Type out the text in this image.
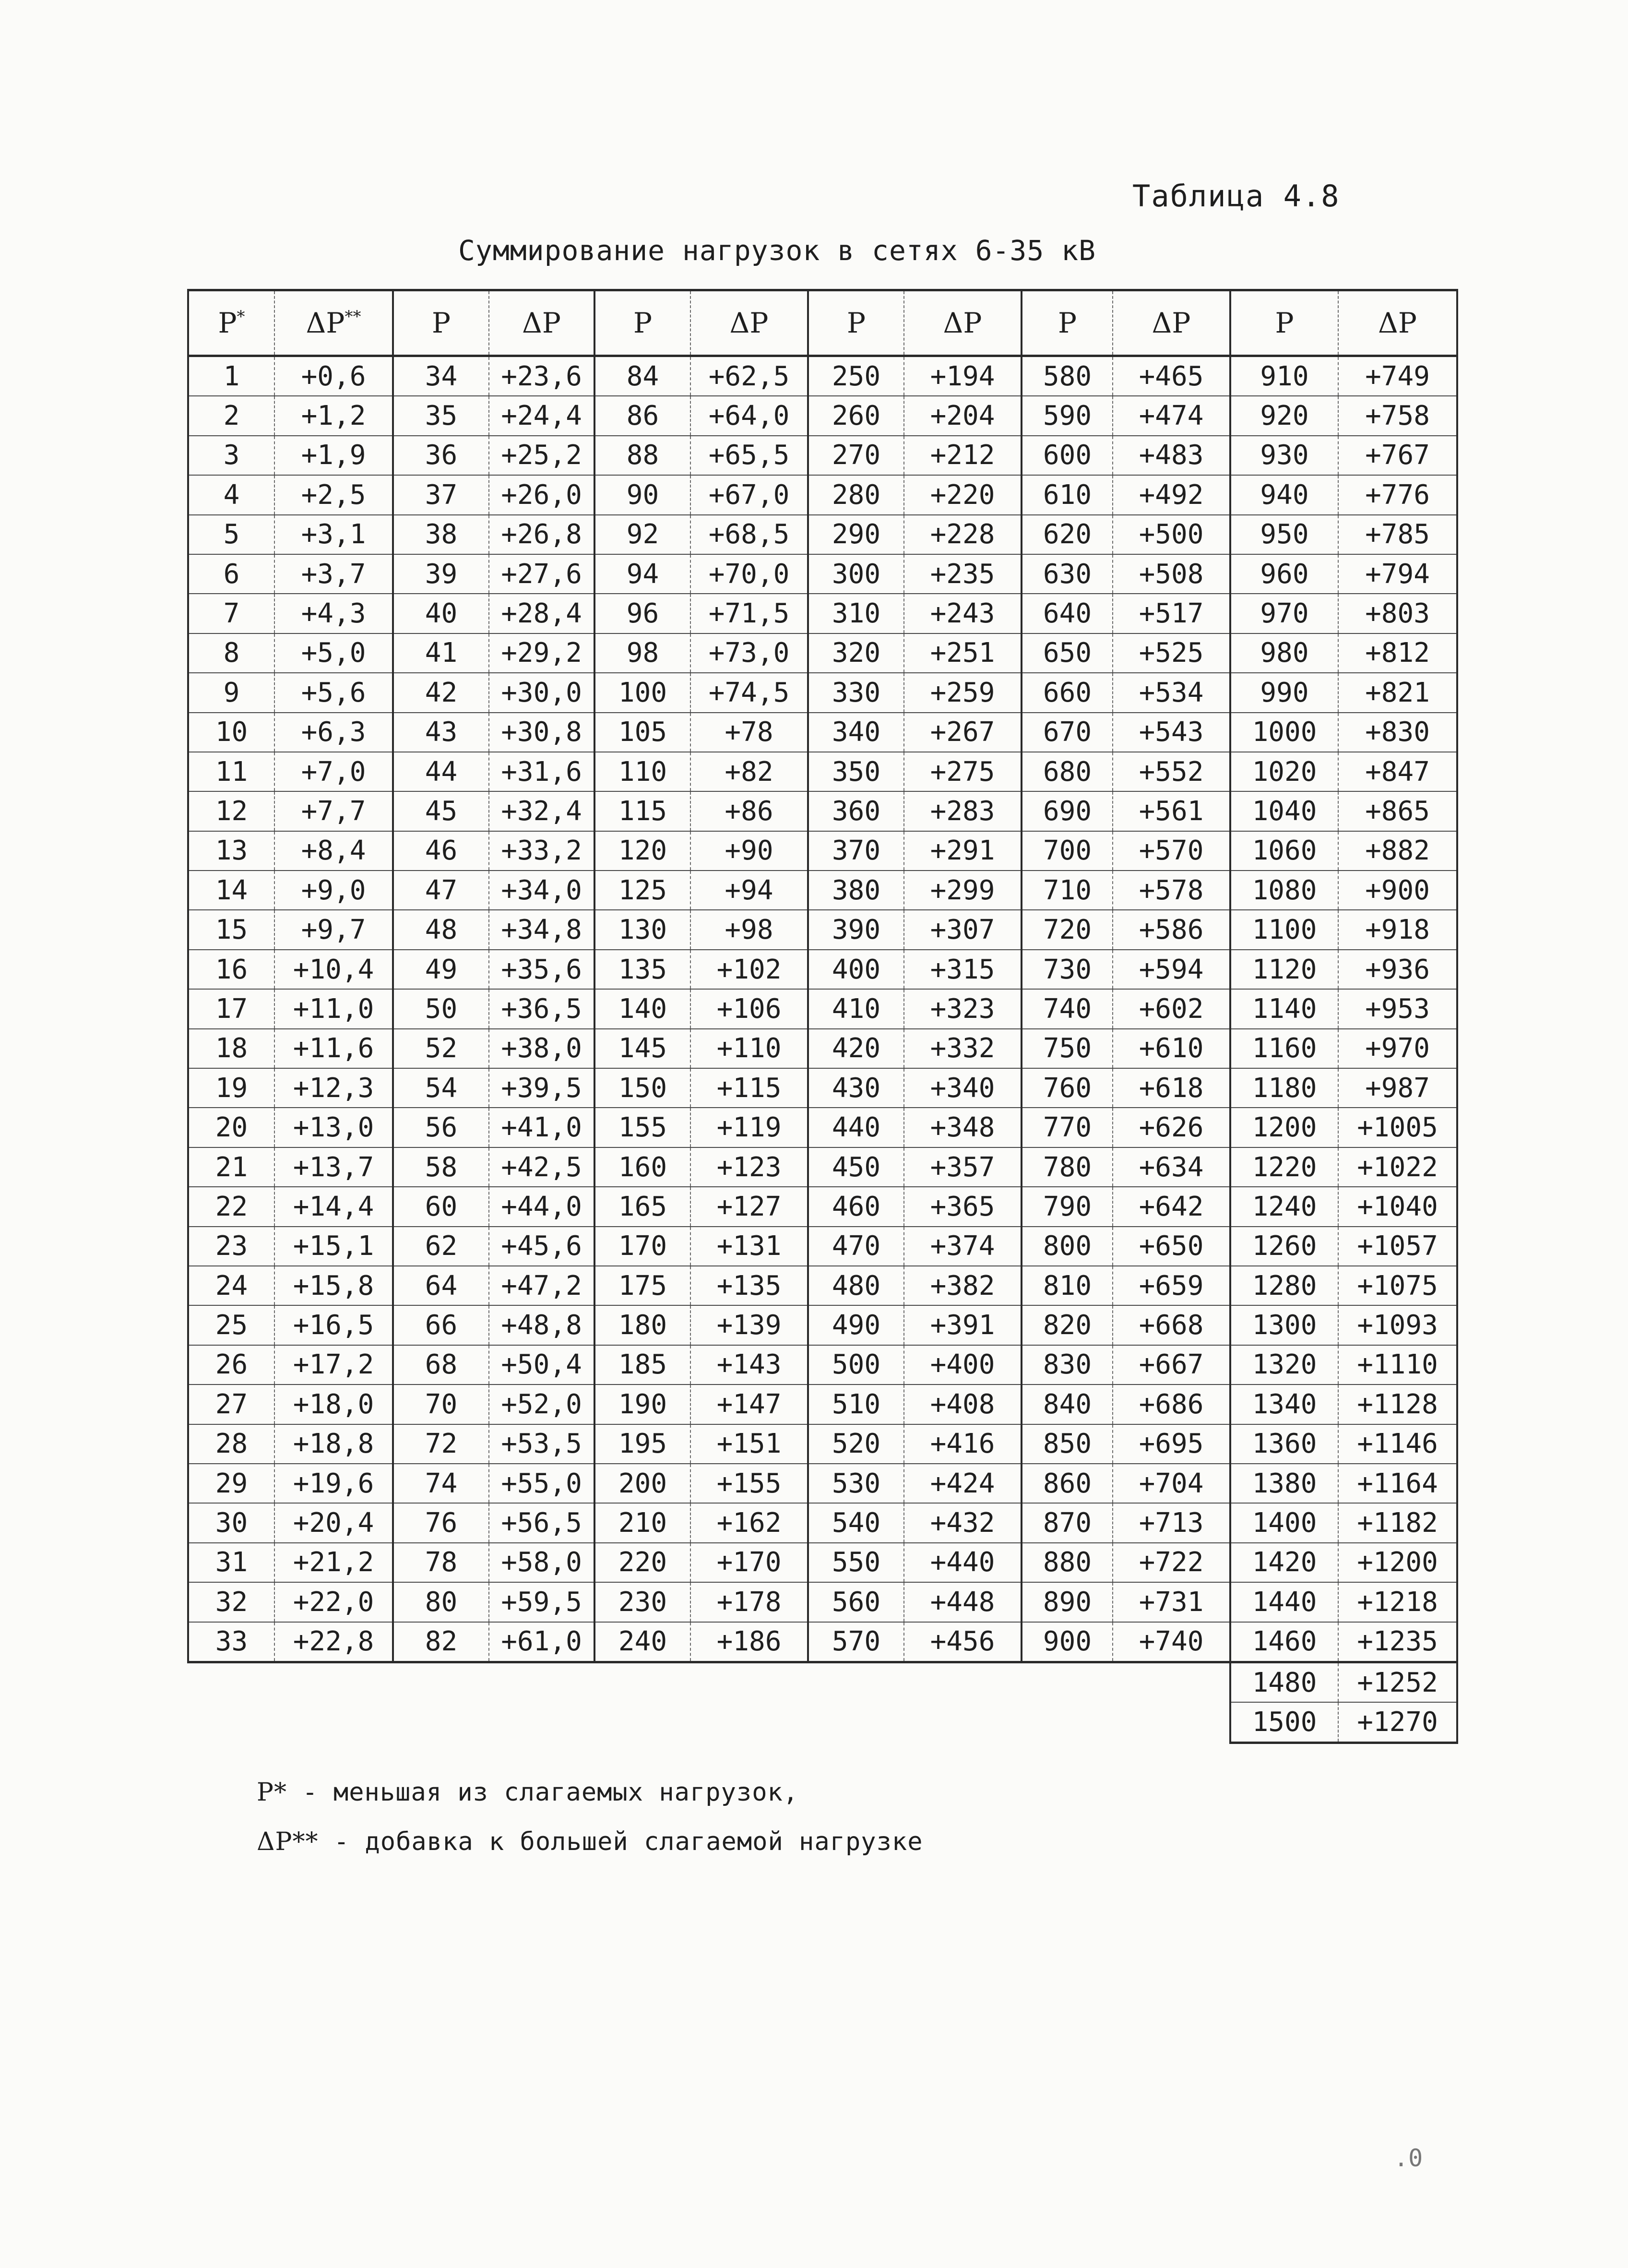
Таблица 4.8
Суммирование нагрузок в сетях 6-35 кВ
P*	ΔP**	P	ΔP	P	ΔP	P	ΔP	P	ΔP	P	ΔP
1	+0,6	34	+23,6	84	+62,5	250	+194	580	+465	910	+749
2	+1,2	35	+24,4	86	+64,0	260	+204	590	+474	920	+758
3	+1,9	36	+25,2	88	+65,5	270	+212	600	+483	930	+767
4	+2,5	37	+26,0	90	+67,0	280	+220	610	+492	940	+776
5	+3,1	38	+26,8	92	+68,5	290	+228	620	+500	950	+785
6	+3,7	39	+27,6	94	+70,0	300	+235	630	+508	960	+794
7	+4,3	40	+28,4	96	+71,5	310	+243	640	+517	970	+803
8	+5,0	41	+29,2	98	+73,0	320	+251	650	+525	980	+812
9	+5,6	42	+30,0	100	+74,5	330	+259	660	+534	990	+821
10	+6,3	43	+30,8	105	+78	340	+267	670	+543	1000	+830
11	+7,0	44	+31,6	110	+82	350	+275	680	+552	1020	+847
12	+7,7	45	+32,4	115	+86	360	+283	690	+561	1040	+865
13	+8,4	46	+33,2	120	+90	370	+291	700	+570	1060	+882
14	+9,0	47	+34,0	125	+94	380	+299	710	+578	1080	+900
15	+9,7	48	+34,8	130	+98	390	+307	720	+586	1100	+918
16	+10,4	49	+35,6	135	+102	400	+315	730	+594	1120	+936
17	+11,0	50	+36,5	140	+106	410	+323	740	+602	1140	+953
18	+11,6	52	+38,0	145	+110	420	+332	750	+610	1160	+970
19	+12,3	54	+39,5	150	+115	430	+340	760	+618	1180	+987
20	+13,0	56	+41,0	155	+119	440	+348	770	+626	1200	+1005
21	+13,7	58	+42,5	160	+123	450	+357	780	+634	1220	+1022
22	+14,4	60	+44,0	165	+127	460	+365	790	+642	1240	+1040
23	+15,1	62	+45,6	170	+131	470	+374	800	+650	1260	+1057
24	+15,8	64	+47,2	175	+135	480	+382	810	+659	1280	+1075
25	+16,5	66	+48,8	180	+139	490	+391	820	+668	1300	+1093
26	+17,2	68	+50,4	185	+143	500	+400	830	+667	1320	+1110
27	+18,0	70	+52,0	190	+147	510	+408	840	+686	1340	+1128
28	+18,8	72	+53,5	195	+151	520	+416	850	+695	1360	+1146
29	+19,6	74	+55,0	200	+155	530	+424	860	+704	1380	+1164
30	+20,4	76	+56,5	210	+162	540	+432	870	+713	1400	+1182
31	+21,2	78	+58,0	220	+170	550	+440	880	+722	1420	+1200
32	+22,0	80	+59,5	230	+178	560	+448	890	+731	1440	+1218
33	+22,8	82	+61,0	240	+186	570	+456	900	+740	1460	+1235
										1480	+1252
										1500	+1270
P* - меньшая из слагаемых нагрузок,
ΔP** - добавка к большей слагаемой нагрузке
.0
